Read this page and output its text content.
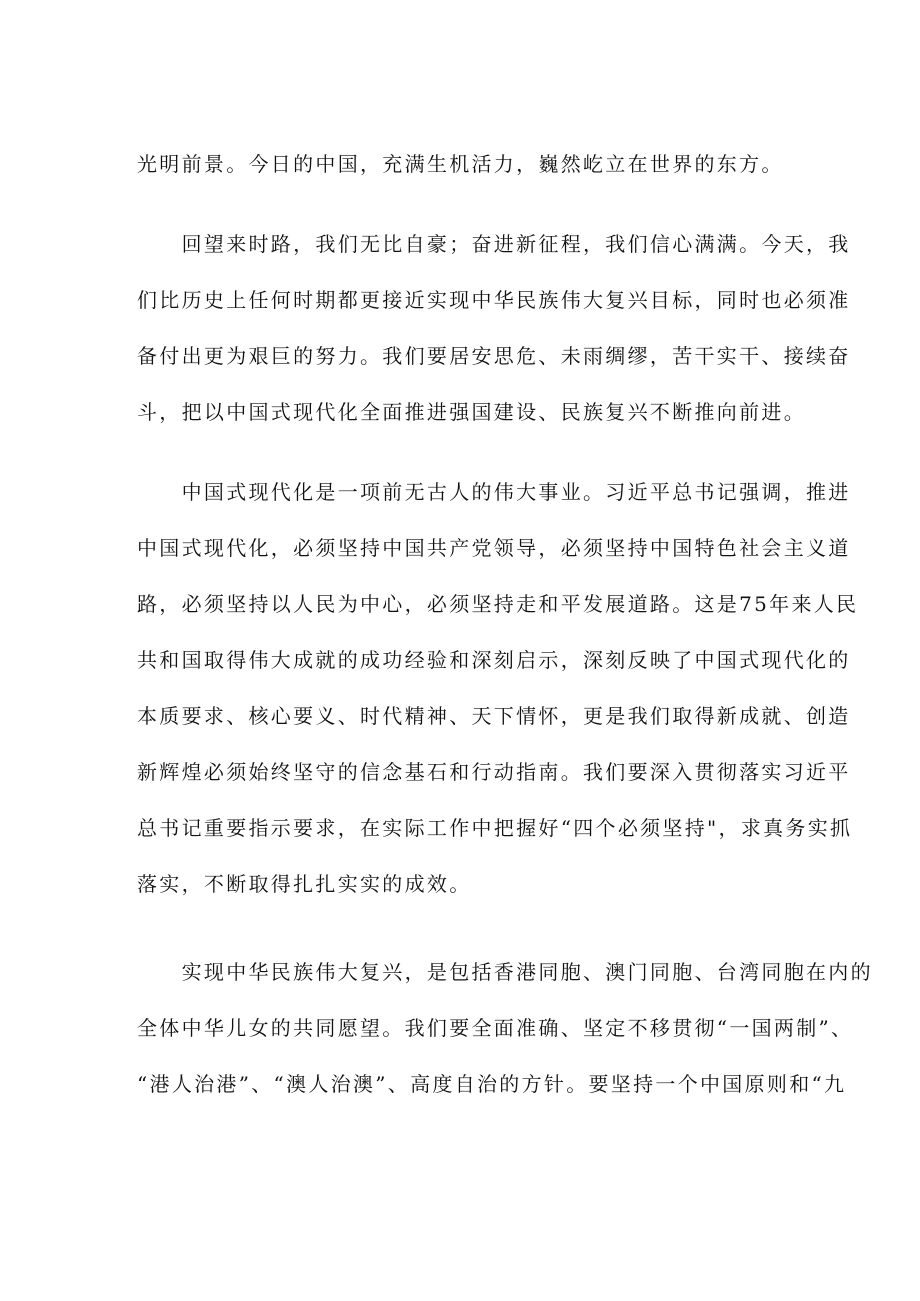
光明前景。今日的中国，充满生机活力，巍然屹立在世界的东方。
　　回望来时路，我们无比自豪；奋进新征程，我们信心满满。今天，我
们比历史上任何时期都更接近实现中华民族伟大复兴目标，同时也必须准
备付出更为艰巨的努力。我们要居安思危、未雨绸缪，苦干实干、接续奋
斗，把以中国式现代化全面推进强国建设、民族复兴不断推向前进。
　　中国式现代化是一项前无古人的伟大事业。习近平总书记强调，推进
中国式现代化，必须坚持中国共产党领导，必须坚持中国特色社会主义道
路，必须坚持以人民为中心，必须坚持走和平发展道路。这是75年来人民
共和国取得伟大成就的成功经验和深刻启示，深刻反映了中国式现代化的
本质要求、核心要义、时代精神、天下情怀，更是我们取得新成就、创造
新辉煌必须始终坚守的信念基石和行动指南。我们要深入贯彻落实习近平
总书记重要指示要求，在实际工作中把握好“四个必须坚持"，求真务实抓
落实，不断取得扎扎实实的成效。
　　实现中华民族伟大复兴，是包括香港同胞、澳门同胞、台湾同胞在内的
全体中华儿女的共同愿望。我们要全面准确、坚定不移贯彻“一国两制”、
“港人治港”、“澳人治澳”、高度自治的方针。要坚持一个中国原则和“九
